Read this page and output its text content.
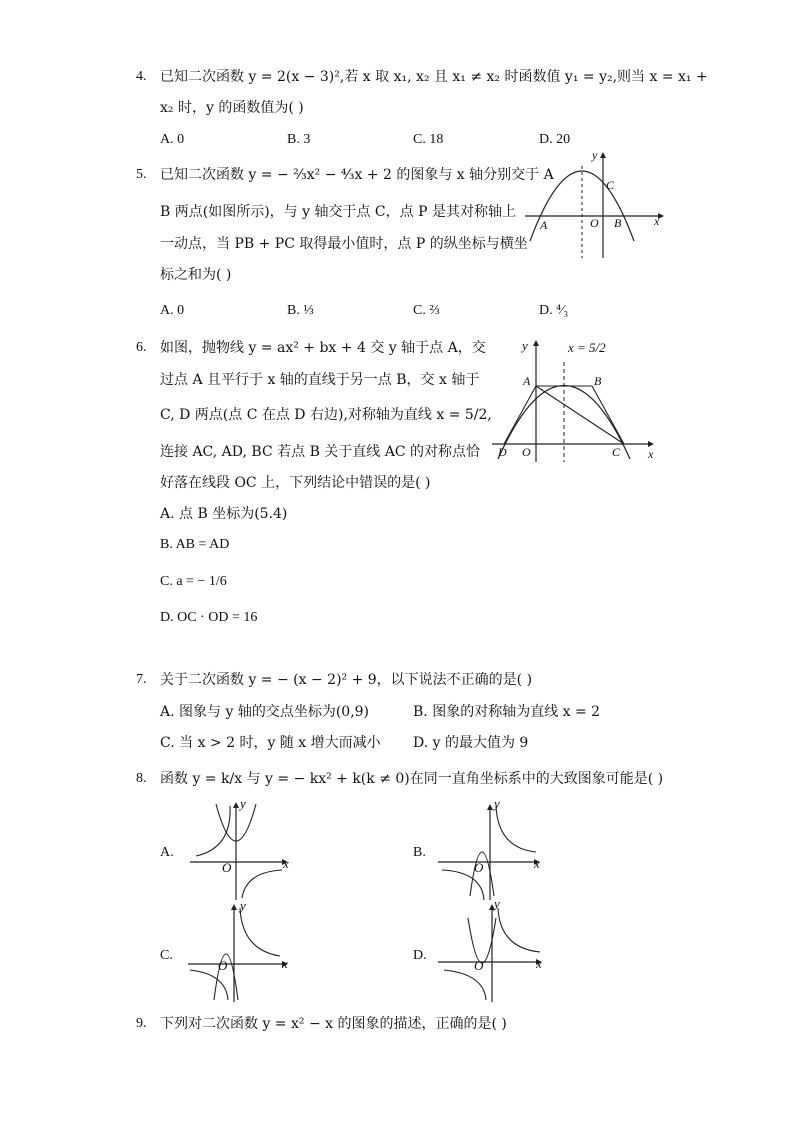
4. 已知二次函数 y = 2(x − 3)²,若 x 取 x₁, x₂ 且 x₁ ≠ x₂ 时函数值 y₁ = y₂,则当 x = x₁ +
x₂ 时，y 的函数值为( )
A. 0	B. 3	C. 18	D. 20
5. 已知二次函数 y = − ⅔x² − ⁴⁄₃x + 2 的图象与 x 轴分别交于 A
B 两点(如图所示)，与 y 轴交于点 C，点 P 是其对称轴上
一动点，当 PB + PC 取得最小值时，点 P 的纵坐标与横坐
标之和为( )
A. 0	B. ⅓	C. ⅔	D. ⁴⁄₃
y
x
C
O B
A
6. 如图，抛物线 y = ax² + bx + 4 交 y 轴于点 A，交
过点 A 且平行于 x 轴的直线于另一点 B，交 x 轴于
C, D 两点(点 C 在点 D 右边),对称轴为直线 x = 5/2,
连接 AC, AD, BC 若点 B 关于直线 AC 的对称点恰
好落在线段 OC 上，下列结论中错误的是( )
A. 点 B 坐标为(5.4)
B. AB = AD
C. a = − 1/6
D. OC · OD = 16
y	x = 5/2
A	B
D O	C x
7. 关于二次函数 y = − (x − 2)² + 9，以下说法不正确的是( )
A. 图象与 y 轴的交点坐标为(0,9)	B. 图象的对称轴为直线 x = 2
C. 当 x > 2 时，y 随 x 增大而减小 D. y 的最大值为 9
8. 函数 y = k/x 与 y = − kx² + k(k ≠ 0)在同一直角坐标系中的大致图象可能是( )
A.	B.
C.	D.
y
O	x
y
O	x
y
O	x
y
O	x
9. 下列对二次函数 y = x² − x 的图象的描述，正确的是( )
